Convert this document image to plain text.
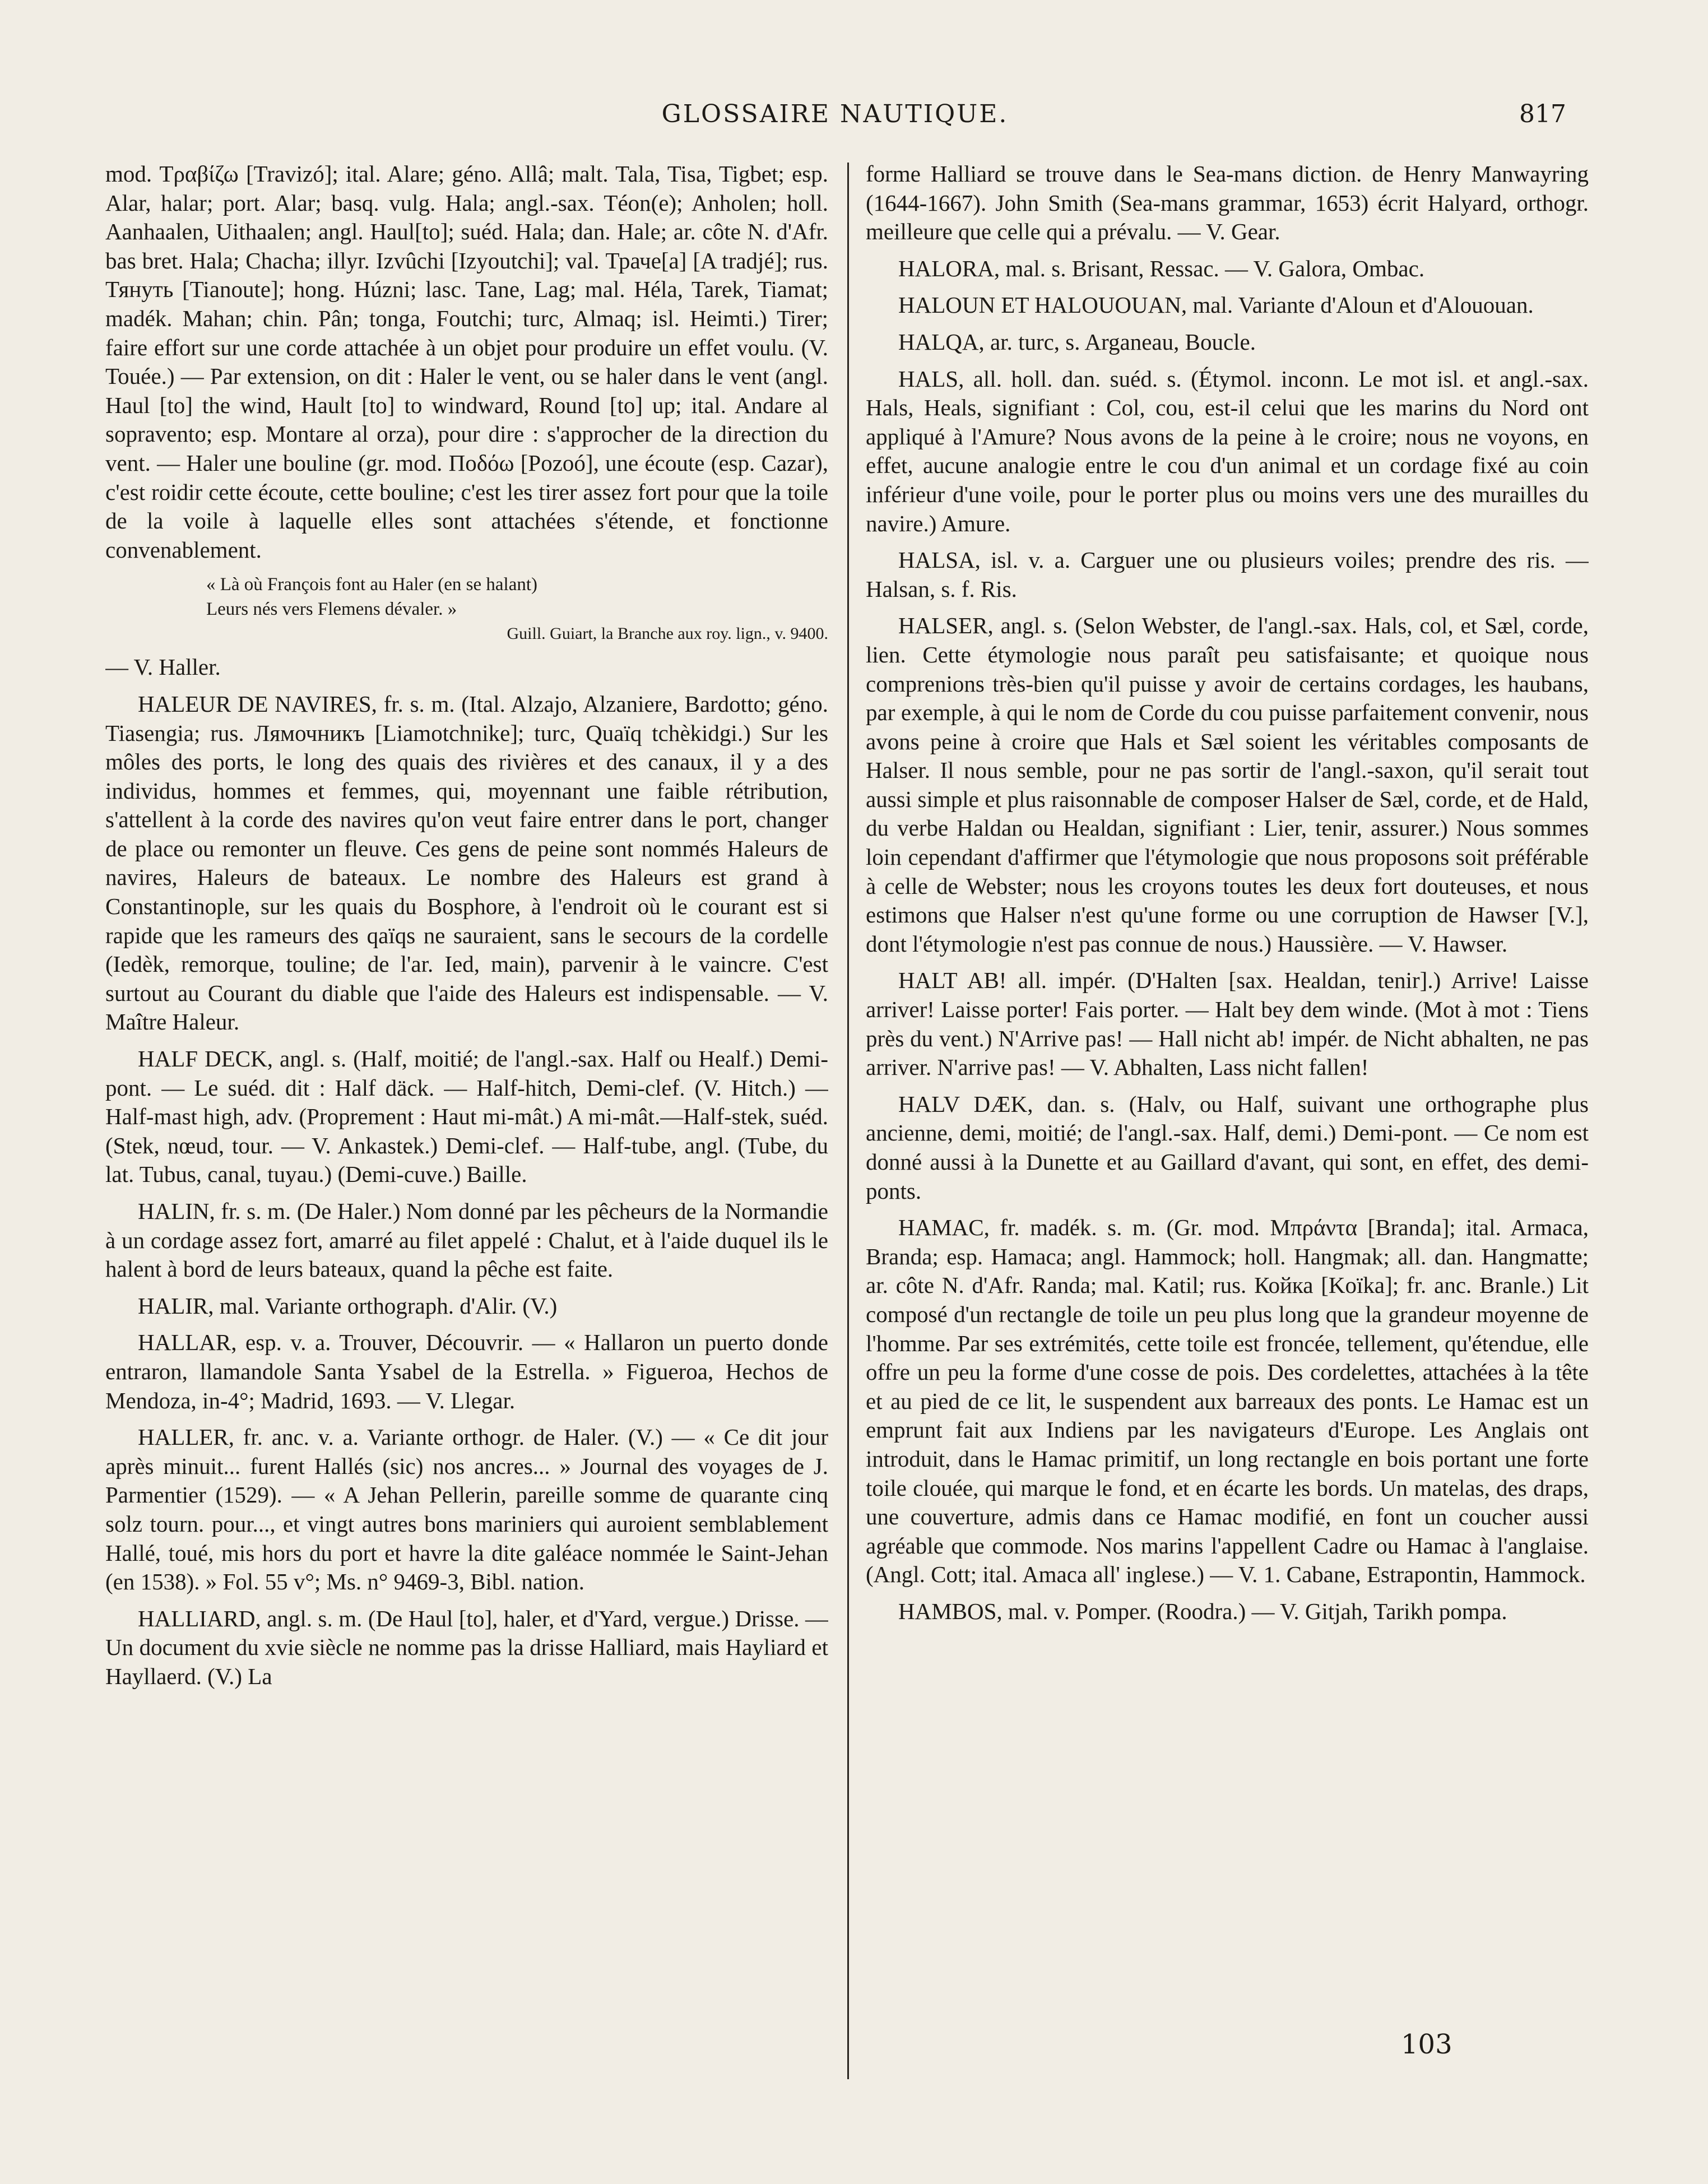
GLOSSAIRE NAUTIQUE.	817

mod. Τραβίζω [Travizó]; ital. Alare; géno. Allâ; malt. Tala, Tisa, Tigbet; esp. Alar, halar; port. Alar; basq. vulg. Hala; angl.-sax. Téon(e); Anholen; holl. Aanhaalen, Uithaalen; angl. Haul[to]; suéd. Hala; dan. Hale; ar. côte N. d'Afr. bas bret. Hala; Chacha; illyr. Izvûchi [Izyoutchi]; val. Трачe[a] [A tradjé]; rus. Тянуть [Tianoute]; hong. Húzni; lasc. Tane, Lag; mal. Héla, Tarek, Tiamat; madék. Mahan; chin. Pân; tonga, Foutchi; turc, Almaq; isl. Heimti.) Tirer; faire effort sur une corde attachée à un objet pour produire un effet voulu. (V. Touée.) — Par extension, on dit : Haler le vent, ou se haler dans le vent (angl. Haul [to] the wind, Hault [to] to windward, Round [to] up; ital. Andare al sopravento; esp. Montare al orza), pour dire : s'approcher de la direction du vent. — Haler une bouline (gr. mod. Ποδόω [Pozoó], une écoute (esp. Cazar), c'est roidir cette écoute, cette bouline; c'est les tirer assez fort pour que la toile de la voile à laquelle elles sont attachées s'étende, et fonctionne convenablement.

« Là où François font au Haler (en se halant)
Leurs nés vers Flemens dévaler. »
Guill. Guiart, la Branche aux roy. lign., v. 9400.

— V. Haller.

HALEUR DE NAVIRES, fr. s. m. (Ital. Alzajo, Alzaniere, Bardotto; géno. Tiasengia; rus. Лямочникъ [Liamotchnike]; turc, Quaïq tchèkidgi.) Sur les môles des ports, le long des quais des rivières et des canaux, il y a des individus, hommes et femmes, qui, moyennant une faible rétribution, s'attellent à la corde des navires qu'on veut faire entrer dans le port, changer de place ou remonter un fleuve. Ces gens de peine sont nommés Haleurs de navires, Haleurs de bateaux. Le nombre des Haleurs est grand à Constantinople, sur les quais du Bosphore, à l'endroit où le courant est si rapide que les rameurs des qaïqs ne sauraient, sans le secours de la cordelle (Iedèk, remorque, touline; de l'ar. Ied, main), parvenir à le vaincre. C'est surtout au Courant du diable que l'aide des Haleurs est indispensable. — V. Maître Haleur.

HALF DECK, angl. s. (Half, moitié; de l'angl.-sax. Half ou Healf.) Demi-pont. — Le suéd. dit : Half däck. — Half-hitch, Demi-clef. (V. Hitch.) — Half-mast high, adv. (Proprement : Haut mi-mât.) A mi-mât.—Half-stek, suéd. (Stek, nœud, tour. — V. Ankastek.) Demi-clef. — Half-tube, angl. (Tube, du lat. Tubus, canal, tuyau.) (Demi-cuve.) Baille.

HALIN, fr. s. m. (De Haler.) Nom donné par les pêcheurs de la Normandie à un cordage assez fort, amarré au filet appelé : Chalut, et à l'aide duquel ils le halent à bord de leurs bateaux, quand la pêche est faite.

HALIR, mal. Variante orthograph. d'Alir. (V.)

HALLAR, esp. v. a. Trouver, Découvrir. — « Hallaron un puerto donde entraron, llamandole Santa Ysabel de la Estrella. » Figueroa, Hechos de Mendoza, in-4°; Madrid, 1693. — V. Llegar.

HALLER, fr. anc. v. a. Variante orthogr. de Haler. (V.) — « Ce dit jour après minuit... furent Hallés (sic) nos ancres... » Journal des voyages de J. Parmentier (1529). — « A Jehan Pellerin, pareille somme de quarante cinq solz tourn. pour..., et vingt autres bons mariniers qui auroient semblablement Hallé, toué, mis hors du port et havre la dite galéace nommée le Saint-Jehan (en 1538). » Fol. 55 v°; Ms. n° 9469-3, Bibl. nation.

HALLIARD, angl. s. m. (De Haul [to], haler, et d'Yard, vergue.) Drisse. — Un document du xvie siècle ne nomme pas la drisse Halliard, mais Hayliard et Hayllaerd. (V.) La

forme Halliard se trouve dans le Sea-mans diction. de Henry Manwayring (1644-1667). John Smith (Sea-mans grammar, 1653) écrit Halyard, orthogr. meilleure que celle qui a prévalu. — V. Gear.

HALORA, mal. s. Brisant, Ressac. — V. Galora, Ombac.

HALOUN ET HALOUOUAN, mal. Variante d'Aloun et d'Alououan.

HALQA, ar. turc, s. Arganeau, Boucle.

HALS, all. holl. dan. suéd. s. (Étymol. inconn. Le mot isl. et angl.-sax. Hals, Heals, signifiant : Col, cou, est-il celui que les marins du Nord ont appliqué à l'Amure? Nous avons de la peine à le croire; nous ne voyons, en effet, aucune analogie entre le cou d'un animal et un cordage fixé au coin inférieur d'une voile, pour le porter plus ou moins vers une des murailles du navire.) Amure.

HALSA, isl. v. a. Carguer une ou plusieurs voiles; prendre des ris. — Halsan, s. f. Ris.

HALSER, angl. s. (Selon Webster, de l'angl.-sax. Hals, col, et Sæl, corde, lien. Cette étymologie nous paraît peu satisfaisante; et quoique nous comprenions très-bien qu'il puisse y avoir de certains cordages, les haubans, par exemple, à qui le nom de Corde du cou puisse parfaitement convenir, nous avons peine à croire que Hals et Sæl soient les véritables composants de Halser. Il nous semble, pour ne pas sortir de l'angl.-saxon, qu'il serait tout aussi simple et plus raisonnable de composer Halser de Sæl, corde, et de Hald, du verbe Haldan ou Healdan, signifiant : Lier, tenir, assurer.) Nous sommes loin cependant d'affirmer que l'étymologie que nous proposons soit préférable à celle de Webster; nous les croyons toutes les deux fort douteuses, et nous estimons que Halser n'est qu'une forme ou une corruption de Hawser [V.], dont l'étymologie n'est pas connue de nous.) Haussière. — V. Hawser.

HALT AB! all. impér. (D'Halten [sax. Healdan, tenir].) Arrive! Laisse arriver! Laisse porter! Fais porter. — Halt bey dem winde. (Mot à mot : Tiens près du vent.) N'Arrive pas! — Hall nicht ab! impér. de Nicht abhalten, ne pas arriver. N'arrive pas! — V. Abhalten, Lass nicht fallen!

HALV DÆK, dan. s. (Halv, ou Half, suivant une orthographe plus ancienne, demi, moitié; de l'angl.-sax. Half, demi.) Demi-pont. — Ce nom est donné aussi à la Dunette et au Gaillard d'avant, qui sont, en effet, des demi-ponts.

HAMAC, fr. madék. s. m. (Gr. mod. Μπράντα [Branda]; ital. Armaca, Branda; esp. Hamaca; angl. Hammock; holl. Hangmak; all. dan. Hangmatte; ar. côte N. d'Afr. Randa; mal. Katil; rus. Койка [Koïka]; fr. anc. Branle.) Lit composé d'un rectangle de toile un peu plus long que la grandeur moyenne de l'homme. Par ses extrémités, cette toile est froncée, tellement, qu'étendue, elle offre un peu la forme d'une cosse de pois. Des cordelettes, attachées à la tête et au pied de ce lit, le suspendent aux barreaux des ponts. Le Hamac est un emprunt fait aux Indiens par les navigateurs d'Europe. Les Anglais ont introduit, dans le Hamac primitif, un long rectangle en bois portant une forte toile clouée, qui marque le fond, et en écarte les bords. Un matelas, des draps, une couverture, admis dans ce Hamac modifié, en font un coucher aussi agréable que commode. Nos marins l'appellent Cadre ou Hamac à l'anglaise. (Angl. Cott; ital. Amaca all' inglese.) — V. 1. Cabane, Estrapontin, Hammock.

HAMBOS, mal. v. Pomper. (Roodra.) — V. Gitjah, Tarikh pompa.

103
